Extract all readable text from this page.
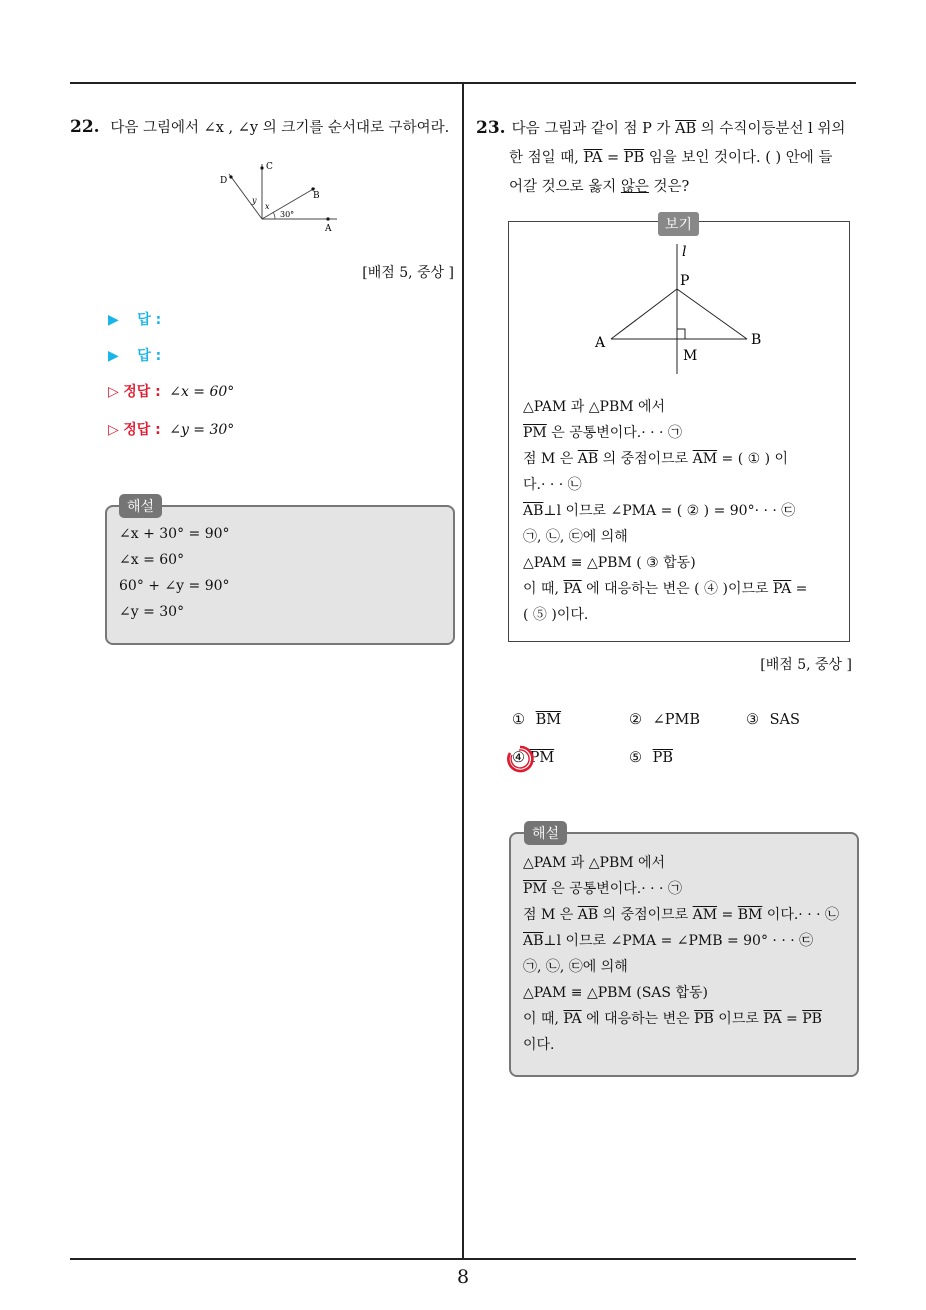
8
22. 다음 그림에서 ∠x , ∠y 의 크기를 순서대로 구하여라.
C
D
B
A
y
x
30°
[배점 5, 중상 ]
▶ 답 :
▶ 답 :
▷ 정답 : ∠x = 60°
▷ 정답 : ∠y = 30°
∠x + 30° = 90°
∠x = 60°
60° + ∠y = 90°
∠y = 30°
해설
23. 다음 그림과 같이 점 P 가 $\overline{AB}$ 의 수직이등분선 l 위의
한 점일 때, $\overline{PA} = \overline{PB}$ 임을 보인 것이다. ( ) 안에 들
어갈 것으로 옳지 않은 것은?
l
P
A	B
M
△PAM 과 △PBM 에서
$\overline{PM}$ 은 공통변이다.· · · ㉠
점 M 은 $\overline{AB}$ 의 중점이므로 $\overline{AM}$ = ( ① ) 이
다.· · · ㉡
$\overline{AB}\perp l$ 이므로 ∠PMA = ( ② ) = 90°· · · ㉢
㉠, ㉡, ㉢에 의해
△PAM ≡ △PBM ( ③ 합동)
이 때, $\overline{PA}$ 에 대응하는 변은 ( ④ )이므로 $\overline{PA}$ =
( ⑤ )이다.
보기
[배점 5, 중상 ]
① $\overline{BM}$	② ∠PMB	③ SAS
④ $\overline{PM}$	⑤ $\overline{PB}$
△PAM 과 △PBM 에서
$\overline{PM}$ 은 공통변이다.· · · ㉠
점 M 은 $\overline{AB}$ 의 중점이므로 $\overline{AM} = \overline{BM}$ 이다.· · · ㉡
$\overline{AB}\perp l$ 이므로 ∠PMA = ∠PMB = 90° · · · ㉢
㉠, ㉡, ㉢에 의해
△PAM ≡ △PBM (SAS 합동)
이 때, $\overline{PA}$ 에 대응하는 변은 $\overline{PB}$ 이므로 $\overline{PA} = \overline{PB}$
이다.
해설
